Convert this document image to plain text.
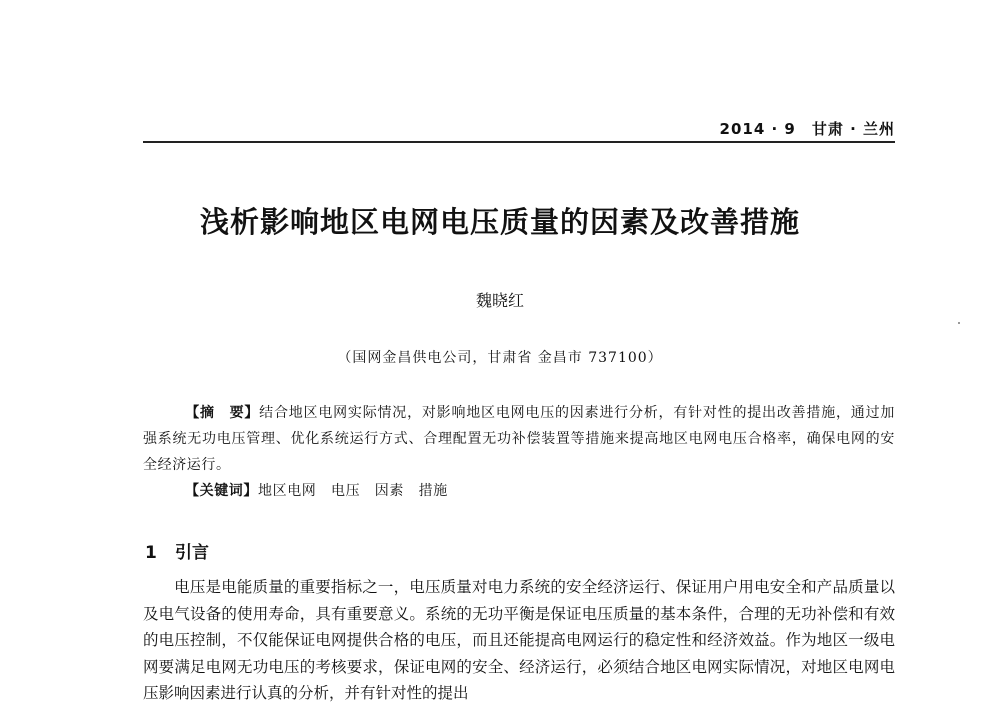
2014 · 9　甘肃 · 兰州
浅析影响地区电网电压质量的因素及改善措施
魏晓红
（国网金昌供电公司，甘肃省 金昌市 737100）
【摘　要】结合地区电网实际情况，对影响地区电网电压的因素进行分析，有针对性的提出改善措施，通过加强系统无功电压管理、优化系统运行方式、合理配置无功补偿装置等措施来提高地区电网电压合格率，确保电网的安全经济运行。
【关键词】地区电网　电压　因素　措施
1 引言
电压是电能质量的重要指标之一，电压质量对电力系统的安全经济运行、保证用户用电安全和产品质量以及电气设备的使用寿命，具有重要意义。系统的无功平衡是保证电压质量的基本条件，合理的无功补偿和有效的电压控制，不仅能保证电网提供合格的电压，而且还能提高电网运行的稳定性和经济效益。作为地区一级电网要满足电网无功电压的考核要求，保证电网的安全、经济运行，必须结合地区电网实际情况，对地区电网电压影响因素进行认真的分析，并有针对性的提出
